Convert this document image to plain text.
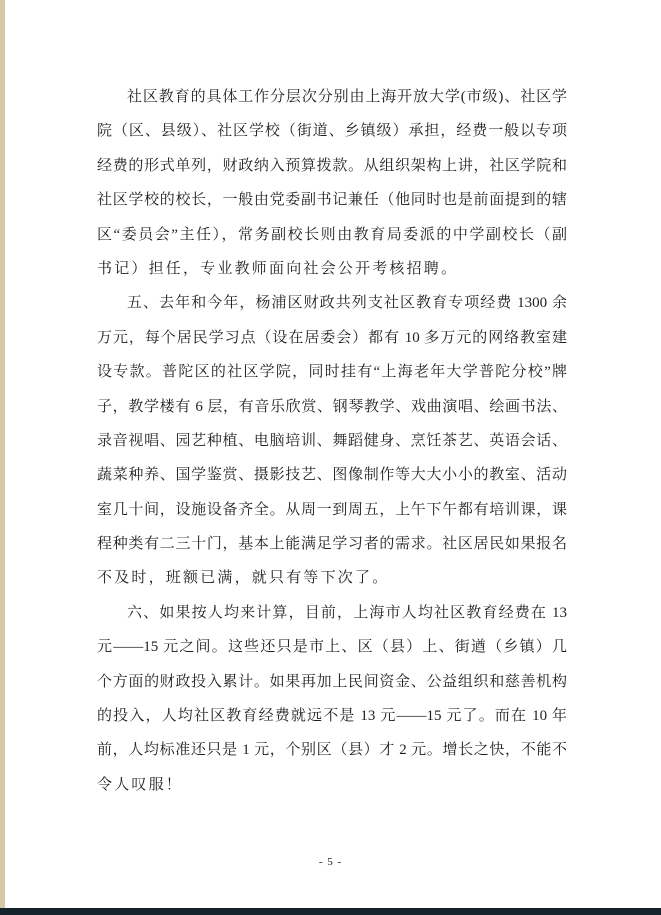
社区教育的具体工作分层次分别由上海开放大学(市级)、社区学
院（区、县级）、社区学校（街道、乡镇级）承担，经费一般以专项
经费的形式单列，财政纳入预算拨款。从组织架构上讲，社区学院和
社区学校的校长，一般由党委副书记兼任（他同时也是前面提到的辖
区“委员会”主任），常务副校长则由教育局委派的中学副校长（副
书记）担任，专业教师面向社会公开考核招聘。
五、去年和今年，杨浦区财政共列支社区教育专项经费 1300 余
万元，每个居民学习点（设在居委会）都有 10 多万元的网络教室建
设专款。普陀区的社区学院，同时挂有“上海老年大学普陀分校”牌
子，教学楼有 6 层，有音乐欣赏、钢琴教学、戏曲演唱、绘画书法、
录音视唱、园艺种植、电脑培训、舞蹈健身、烹饪茶艺、英语会话、
蔬菜种养、国学鉴赏、摄影技艺、图像制作等大大小小的教室、活动
室几十间，设施设备齐全。从周一到周五，上午下午都有培训课，课
程种类有二三十门，基本上能满足学习者的需求。社区居民如果报名
不及时，班额已满，就只有等下次了。
六、如果按人均来计算，目前，上海市人均社区教育经费在 13
元——15 元之间。这些还只是市上、区（县）上、街遒（乡镇）几
个方面的财政投入累计。如果再加上民间资金、公益组织和慈善机构
的投入，人均社区教育经费就远不是 13 元——15 元了。而在 10 年
前，人均标准还只是 1 元，个别区（县）才 2 元。增长之快，不能不
令人叹服！
- 5 -
